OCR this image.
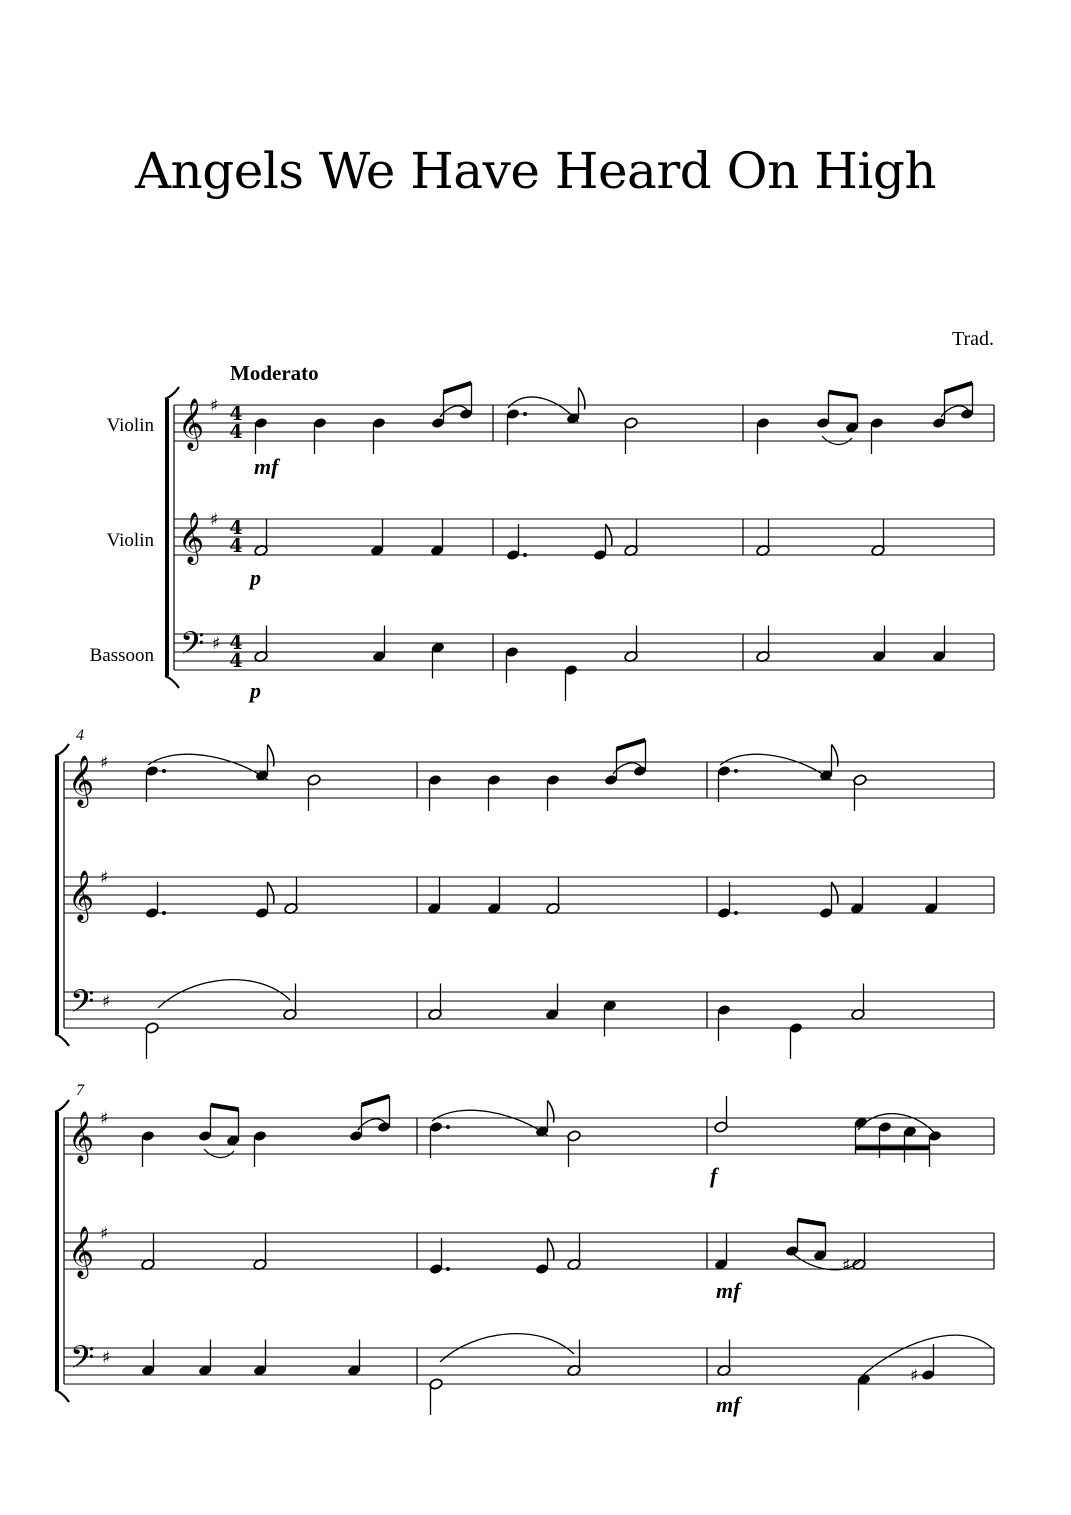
Angels We Have Heard On High
Trad.
𝄞
𝄞
𝄢
♯
♯
♯
𝄞
𝄞
𝄢
♯
♯
♯
𝄞
𝄞
𝄢
♯
♯
♯
Violin
Violin
Bassoon
Moderato
4
4
4
4
4
4
4
7
mf
p
p
f
mf
mf
♯
♯
